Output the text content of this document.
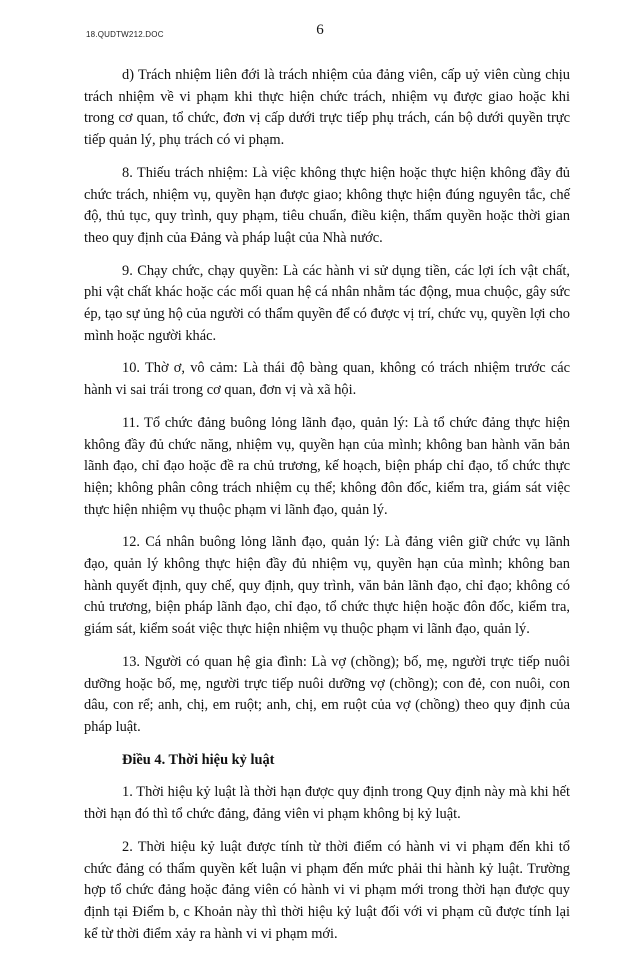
18.QUDTW212.DOC	6

d) Trách nhiệm liên đới là trách nhiệm của đảng viên, cấp uỷ viên cùng chịu trách nhiệm về vi phạm khi thực hiện chức trách, nhiệm vụ được giao hoặc khi trong cơ quan, tổ chức, đơn vị cấp dưới trực tiếp phụ trách, cán bộ dưới quyền trực tiếp quản lý, phụ trách có vi phạm.

8. Thiếu trách nhiệm: Là việc không thực hiện hoặc thực hiện không đầy đủ chức trách, nhiệm vụ, quyền hạn được giao; không thực hiện đúng nguyên tắc, chế độ, thủ tục, quy trình, quy phạm, tiêu chuẩn, điều kiện, thẩm quyền hoặc thời gian theo quy định của Đảng và pháp luật của Nhà nước.

9. Chạy chức, chạy quyền: Là các hành vi sử dụng tiền, các lợi ích vật chất, phi vật chất khác hoặc các mối quan hệ cá nhân nhằm tác động, mua chuộc, gây sức ép, tạo sự ủng hộ của người có thẩm quyền để có được vị trí, chức vụ, quyền lợi cho mình hoặc người khác.

10. Thờ ơ, vô cảm: Là thái độ bàng quan, không có trách nhiệm trước các hành vi sai trái trong cơ quan, đơn vị và xã hội.

11. Tổ chức đảng buông lỏng lãnh đạo, quản lý: Là tổ chức đảng thực hiện không đầy đủ chức năng, nhiệm vụ, quyền hạn của mình; không ban hành văn bản lãnh đạo, chỉ đạo hoặc đề ra chủ trương, kế hoạch, biện pháp chỉ đạo, tổ chức thực hiện; không phân công trách nhiệm cụ thể; không đôn đốc, kiểm tra, giám sát việc thực hiện nhiệm vụ thuộc phạm vi lãnh đạo, quản lý.

12. Cá nhân buông lỏng lãnh đạo, quản lý: Là đảng viên giữ chức vụ lãnh đạo, quản lý không thực hiện đầy đủ nhiệm vụ, quyền hạn của mình; không ban hành quyết định, quy chế, quy định, quy trình, văn bản lãnh đạo, chỉ đạo; không có chủ trương, biện pháp lãnh đạo, chỉ đạo, tổ chức thực hiện hoặc đôn đốc, kiểm tra, giám sát, kiểm soát việc thực hiện nhiệm vụ thuộc phạm vi lãnh đạo, quản lý.

13. Người có quan hệ gia đình: Là vợ (chồng); bố, mẹ, người trực tiếp nuôi dưỡng hoặc bố, mẹ, người trực tiếp nuôi dưỡng vợ (chồng); con đẻ, con nuôi, con dâu, con rể; anh, chị, em ruột; anh, chị, em ruột của vợ (chồng) theo quy định của pháp luật.

Điều 4. Thời hiệu kỷ luật

1. Thời hiệu kỷ luật là thời hạn được quy định trong Quy định này mà khi hết thời hạn đó thì tổ chức đảng, đảng viên vi phạm không bị kỷ luật.

2. Thời hiệu kỷ luật được tính từ thời điểm có hành vi vi phạm đến khi tổ chức đảng có thẩm quyền kết luận vi phạm đến mức phải thi hành kỷ luật. Trường hợp tổ chức đảng hoặc đảng viên có hành vi vi phạm mới trong thời hạn được quy định tại Điểm b, c Khoản này thì thời hiệu kỷ luật đối với vi phạm cũ được tính lại kể từ thời điểm xảy ra hành vi vi phạm mới.
